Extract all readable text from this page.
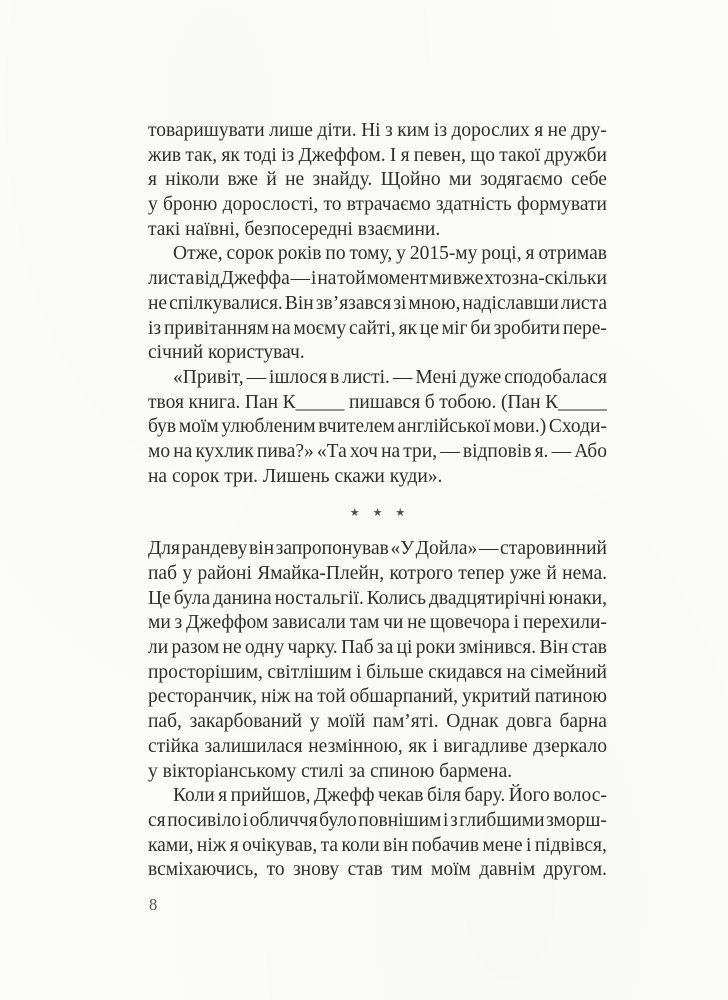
товаришувати лише діти. Ні з ким із дорослих я не дру-
жив так, як тоді із Джеффом. І я певен, що такої дружби
я ніколи вже й не знайду. Щойно ми зодягаємо себе
у броню дорослості, то втрачаємо здатність формувати
такі наївні, безпосередні взаємини.
Отже, сорок років по тому, у 2015-му році, я отримав
листа від Джеффа — і на той момент ми вже хтозна-скільки
не спілкувалися. Він зв’язався зі мною, надіславши листа
із привітанням на моєму сайті, як це міг би зробити пере-
січний користувач.
«Привіт, — ішлося в листі. — Мені дуже сподобалася
твоя книга. Пан К_____ пишався б тобою. (Пан К_____
був моїм улюбленим вчителем англійської мови.) Сходи-
мо на кухлик пива?» «Та хоч на три, — відповів я. — Або
на сорок три. Лишень скажи куди».
★★★
Для рандеву він запропонував «У Дойла» — старовинний
паб у районі Ямайка-Плейн, котрого тепер уже й нема.
Це була данина ностальгії. Колись двадцятирічні юнаки,
ми з Джеффом зависали там чи не щовечора і перехили-
ли разом не одну чарку. Паб за ці роки змінився. Він став
просторішим, світлішим і більше скидався на сімейний
ресторанчик, ніж на той обшарпаний, укритий патиною
паб, закарбований у моїй пам’яті. Однак довга барна
стійка залишилася незмінною, як і вигадливе дзеркало
у вікторіанському стилі за спиною бармена.
Коли я прийшов, Джефф чекав біля бару. Його волос-
ся посивіло і обличчя було повнішим і з глибшими зморш-
ками, ніж я очікував, та коли він побачив мене і підвівся,
всміхаючись, то знову став тим моїм давнім другом.
8
